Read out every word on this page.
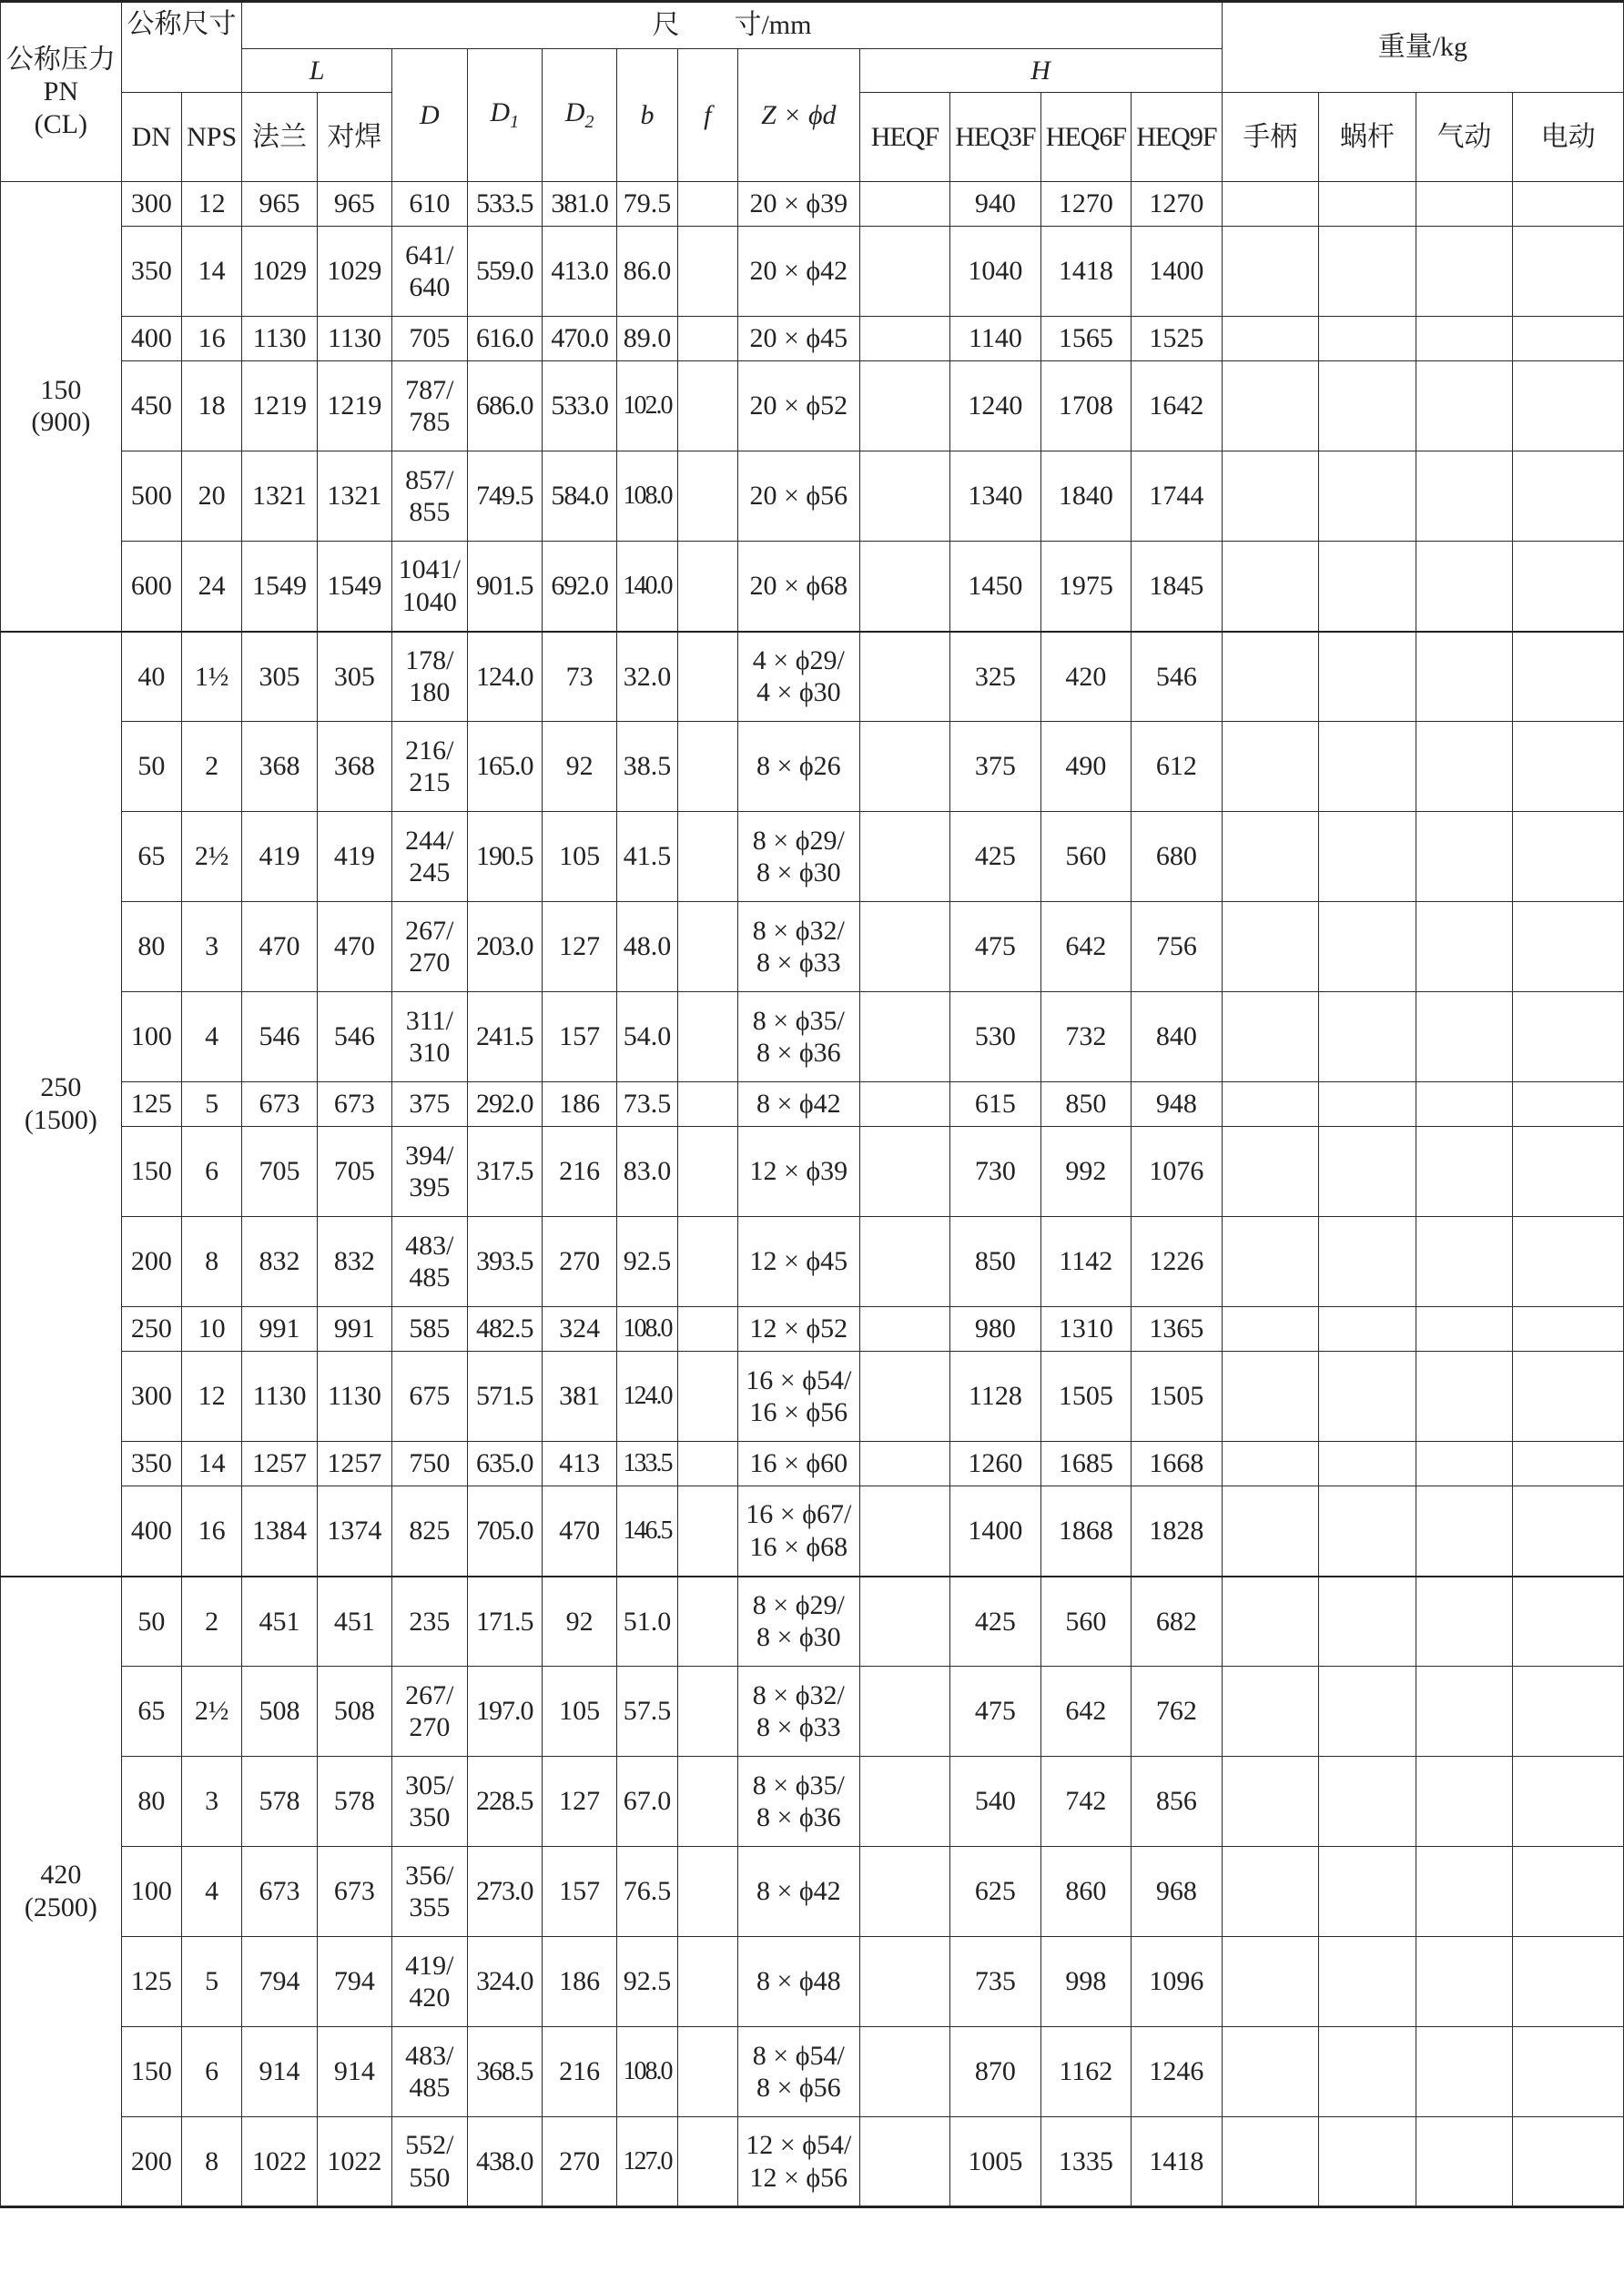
公称压力
PN
(CL)	公称尺寸		尺　　寸/mm												重量/kg			
			L		D	$D_1$	$D_2$	b	f	Z × ϕd	H							
	DN	NPS	法兰	对焊							HEQF	HEQ3F	HEQ6F	HEQ9F	手柄	蜗杆	气动	电动

150
(900)	300	12	965	965	610	533.5	381.0	79.5		20 × ϕ39		940	1270	1270				
	350	14	1029	1029	641/
640	559.0	413.0	86.0		20 × ϕ42		1040	1418	1400				
	400	16	1130	1130	705	616.0	470.0	89.0		20 × ϕ45		1140	1565	1525				
	450	18	1219	1219	787/
785	686.0	533.0	102.0		20 × ϕ52		1240	1708	1642				
	500	20	1321	1321	857/
855	749.5	584.0	108.0		20 × ϕ56		1340	1840	1744				
	600	24	1549	1549	1041/
1040	901.5	692.0	140.0		20 × ϕ68		1450	1975	1845				

250
(1500)	40	1½	305	305	178/
180	124.0	73	32.0		4 × ϕ29/
4 × ϕ30		325	420	546				
	50	2	368	368	216/
215	165.0	92	38.5		8 × ϕ26		375	490	612				
	65	2½	419	419	244/
245	190.5	105	41.5		8 × ϕ29/
8 × ϕ30		425	560	680				
	80	3	470	470	267/
270	203.0	127	48.0		8 × ϕ32/
8 × ϕ33		475	642	756				
	100	4	546	546	311/
310	241.5	157	54.0		8 × ϕ35/
8 × ϕ36		530	732	840				
	125	5	673	673	375	292.0	186	73.5		8 × ϕ42		615	850	948				
	150	6	705	705	394/
395	317.5	216	83.0		12 × ϕ39		730	992	1076				
	200	8	832	832	483/
485	393.5	270	92.5		12 × ϕ45		850	1142	1226				
	250	10	991	991	585	482.5	324	108.0		12 × ϕ52		980	1310	1365				
	300	12	1130	1130	675	571.5	381	124.0		16 × ϕ54/
16 × ϕ56		1128	1505	1505				
	350	14	1257	1257	750	635.0	413	133.5		16 × ϕ60		1260	1685	1668				
	400	16	1384	1374	825	705.0	470	146.5		16 × ϕ67/
16 × ϕ68		1400	1868	1828				

420
(2500)	50	2	451	451	235	171.5	92	51.0		8 × ϕ29/
8 × ϕ30		425	560	682				
	65	2½	508	508	267/
270	197.0	105	57.5		8 × ϕ32/
8 × ϕ33		475	642	762				
	80	3	578	578	305/
350	228.5	127	67.0		8 × ϕ35/
8 × ϕ36		540	742	856				
	100	4	673	673	356/
355	273.0	157	76.5		8 × ϕ42		625	860	968				
	125	5	794	794	419/
420	324.0	186	92.5		8 × ϕ48		735	998	1096				
	150	6	914	914	483/
485	368.5	216	108.0		8 × ϕ54/
8 × ϕ56		870	1162	1246				
	200	8	1022	1022	552/
550	438.0	270	127.0		12 × ϕ54/
12 × ϕ56		1005	1335	1418				
